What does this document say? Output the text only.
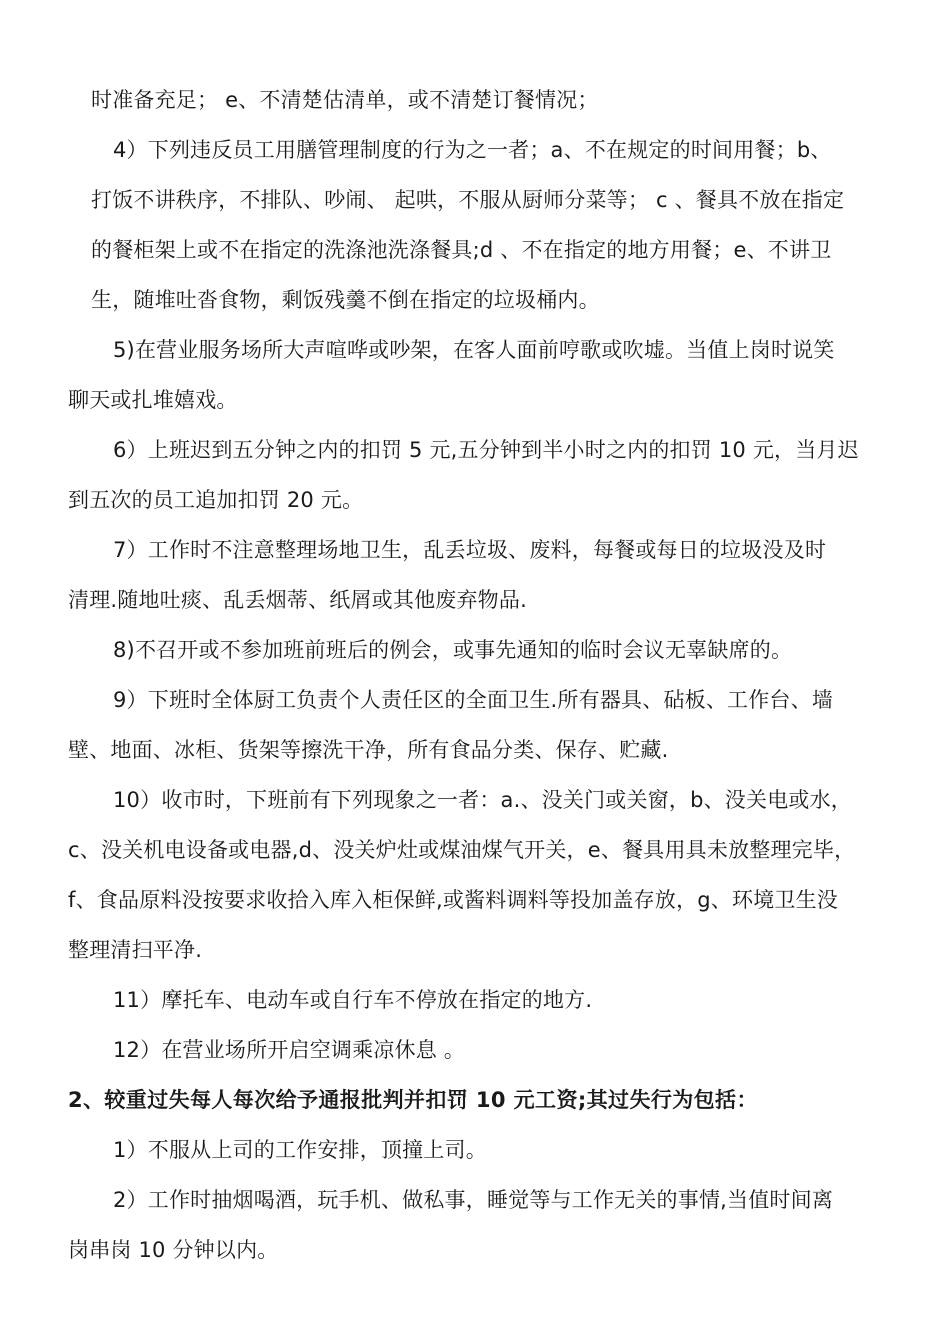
时准备充足； e、不清楚估清单，或不清楚订餐情况；
4）下列违反员工用膳管理制度的行为之一者；a、不在规定的时间用餐；b、
打饭不讲秩序，不排队、吵闹、 起哄，不服从厨师分菜等； c 、餐具不放在指定
的餐柜架上或不在指定的洗涤池洗涤餐具;d 、不在指定的地方用餐；e、不讲卫
生，随堆吐沓食物，剩饭残羹不倒在指定的垃圾桶内。
5)在营业服务场所大声喧哗或吵架，在客人面前哼歌或吹墟。当值上岗时说笑
聊天或扎堆嬉戏。
6）上班迟到五分钟之内的扣罚 5 元,五分钟到半小时之内的扣罚 10 元，当月迟
到五次的员工追加扣罚 20 元。
7）工作时不注意整理场地卫生，乱丢垃圾、废料，每餐或每日的垃圾没及时
清理.随地吐痰、乱丢烟蒂、纸屑或其他废弃物品.
8)不召开或不参加班前班后的例会，或事先通知的临时会议无辜缺席的。
9）下班时全体厨工负责个人责任区的全面卫生.所有器具、砧板、工作台、墙
壁、地面、冰柜、货架等擦洗干净，所有食品分类、保存、贮藏.
10）收市时，下班前有下列现象之一者：a.、没关门或关窗，b、没关电或水，
c、没关机电设备或电器,d、没关炉灶或煤油煤气开关，e、餐具用具未放整理完毕，
f、食品原料没按要求收拾入库入柜保鲜,或酱料调料等投加盖存放，g、环境卫生没
整理清扫平净.
11）摩托车、电动车或自行车不停放在指定的地方.
12）在营业场所开启空调乘凉休息 。
2、较重过失每人每次给予通报批判并扣罚 10 元工资;其过失行为包括：
1）不服从上司的工作安排，顶撞上司。
2）工作时抽烟喝酒，玩手机、做私事，睡觉等与工作无关的事情,当值时间离
岗串岗 10 分钟以内。
